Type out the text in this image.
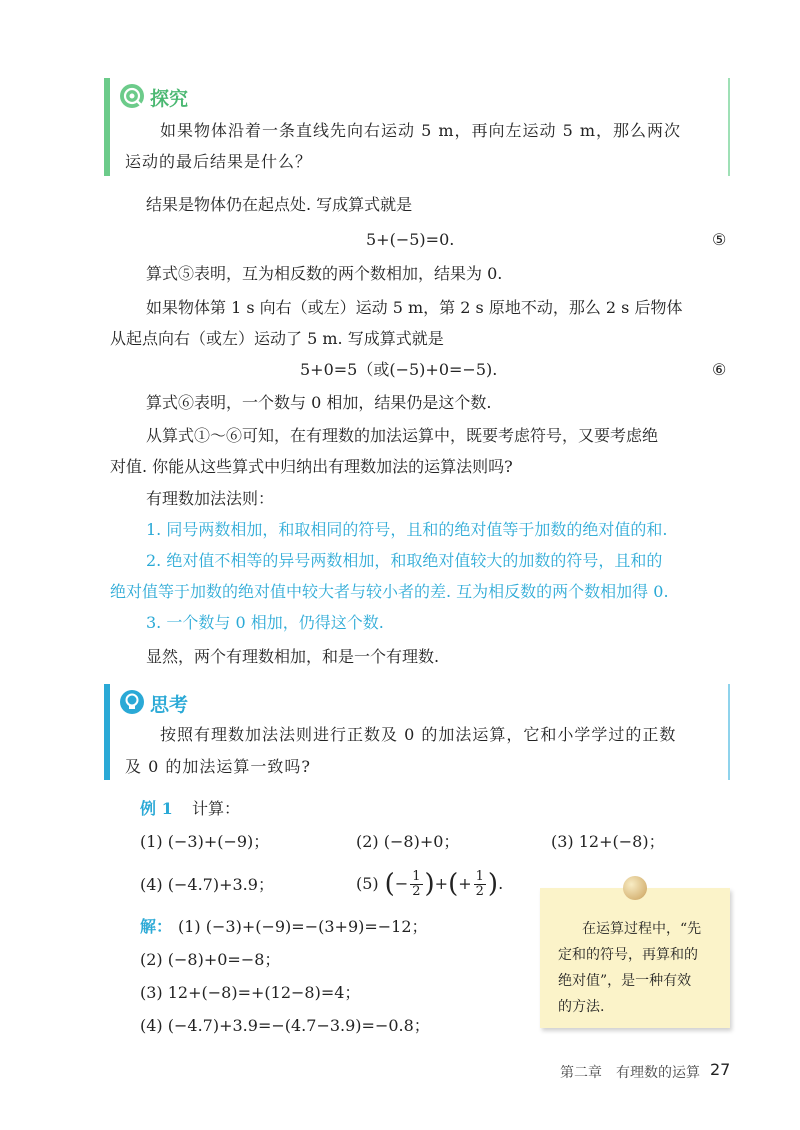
探究
如果物体沿着一条直线先向右运动 5 m，再向左运动 5 m，那么两次
运动的最后结果是什么？
结果是物体仍在起点处. 写成算式就是
5+(−5)=0.	⑤
算式⑤表明，互为相反数的两个数相加，结果为 0.
如果物体第 1 s 向右（或左）运动 5 m，第 2 s 原地不动，那么 2 s 后物体
从起点向右（或左）运动了 5 m. 写成算式就是
5+0=5（或(−5)+0=−5).	⑥
算式⑥表明，一个数与 0 相加，结果仍是这个数.
从算式①～⑥可知，在有理数的加法运算中，既要考虑符号，又要考虑绝
对值. 你能从这些算式中归纳出有理数加法的运算法则吗?
有理数加法法则：
1. 同号两数相加，和取相同的符号，且和的绝对值等于加数的绝对值的和.
2. 绝对值不相等的异号两数相加，和取绝对值较大的加数的符号，且和的
绝对值等于加数的绝对值中较大者与较小者的差. 互为相反数的两个数相加得 0.
3. 一个数与 0 相加，仍得这个数.
显然，两个有理数相加，和是一个有理数.
思考
按照有理数加法法则进行正数及 0 的加法运算，它和小学学过的正数
及 0 的加法运算一致吗?
例 1 计算：
(1) (−3)+(−9)；	(2) (−8)+0；	(3) 12+(−8)；
(4) (−4.7)+3.9；	(5) ( − $\frac{1}{2}$ ) + ( + $\frac{1}{2}$ ) .
解： (1) (−3)+(−9)=−(3+9)=−12；
(2) (−8)+0=−8；
(3) 12+(−8)=+(12−8)=4；
(4) (−4.7)+3.9=−(4.7−3.9)=−0.8；
在运算过程中，“先
定和的符号，再算和的
绝对值”，是一种有效
的方法.
第二章　有理数的运算 27
